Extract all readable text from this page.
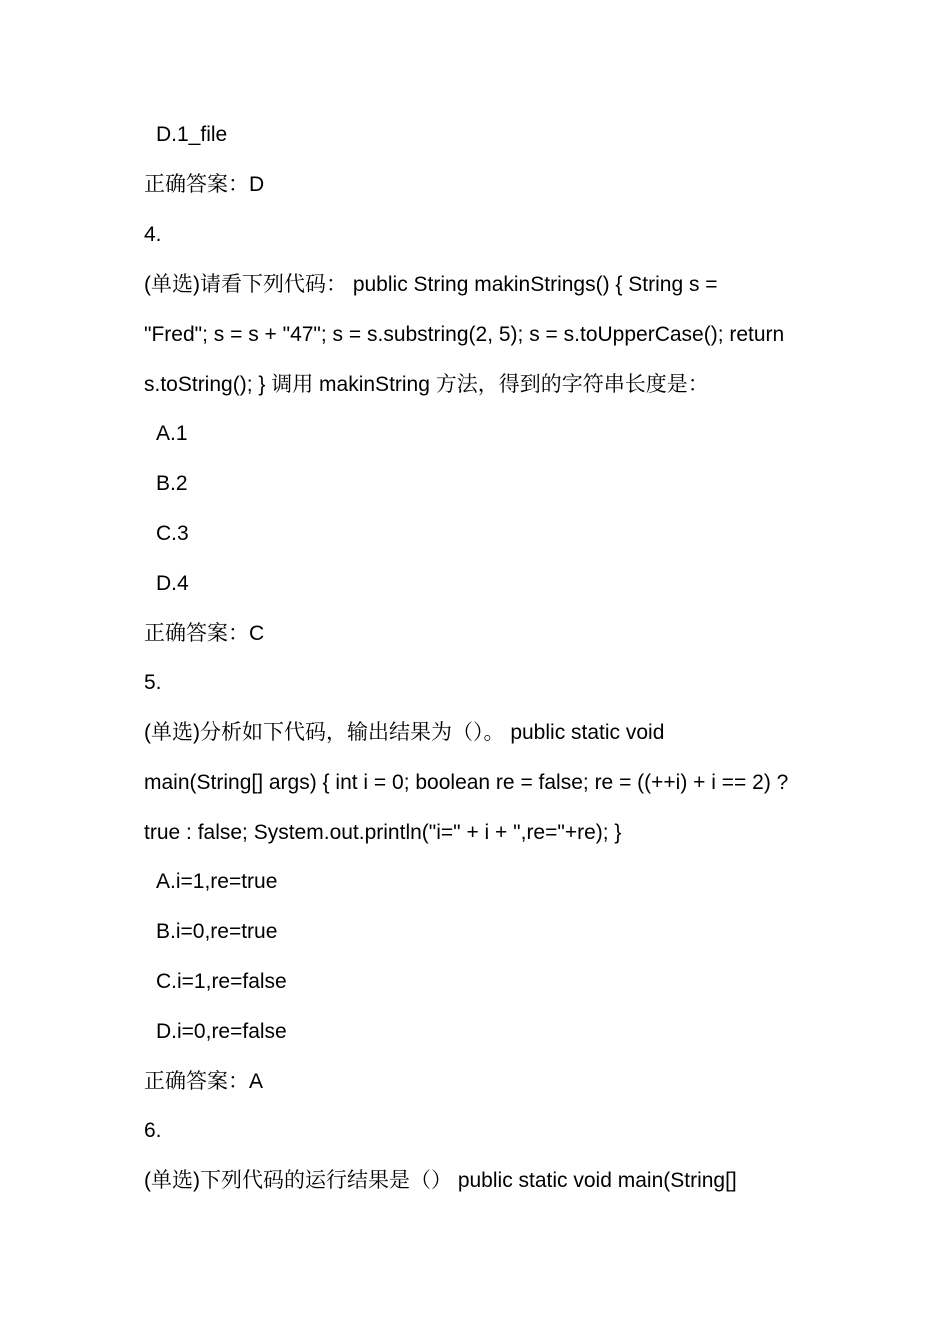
D.1_file
正确答案：D
4.
(单选)请看下列代码： public String makinStrings() { String s =
"Fred"; s = s + "47"; s = s.substring(2, 5); s = s.toUpperCase(); return
s.toString(); } 调用 makinString 方法，得到的字符串长度是：
A.1
B.2
C.3
D.4
正确答案：C
5.
(单选)分析如下代码，输出结果为（）。 public static void
main(String[] args) { int i = 0; boolean re = false; re = ((++i) + i == 2) ?
true : false; System.out.println("i=" + i + ",re="+re); }
A.i=1,re=true
B.i=0,re=true
C.i=1,re=false
D.i=0,re=false
正确答案：A
6.
(单选)下列代码的运行结果是（） public static void main(String[]
